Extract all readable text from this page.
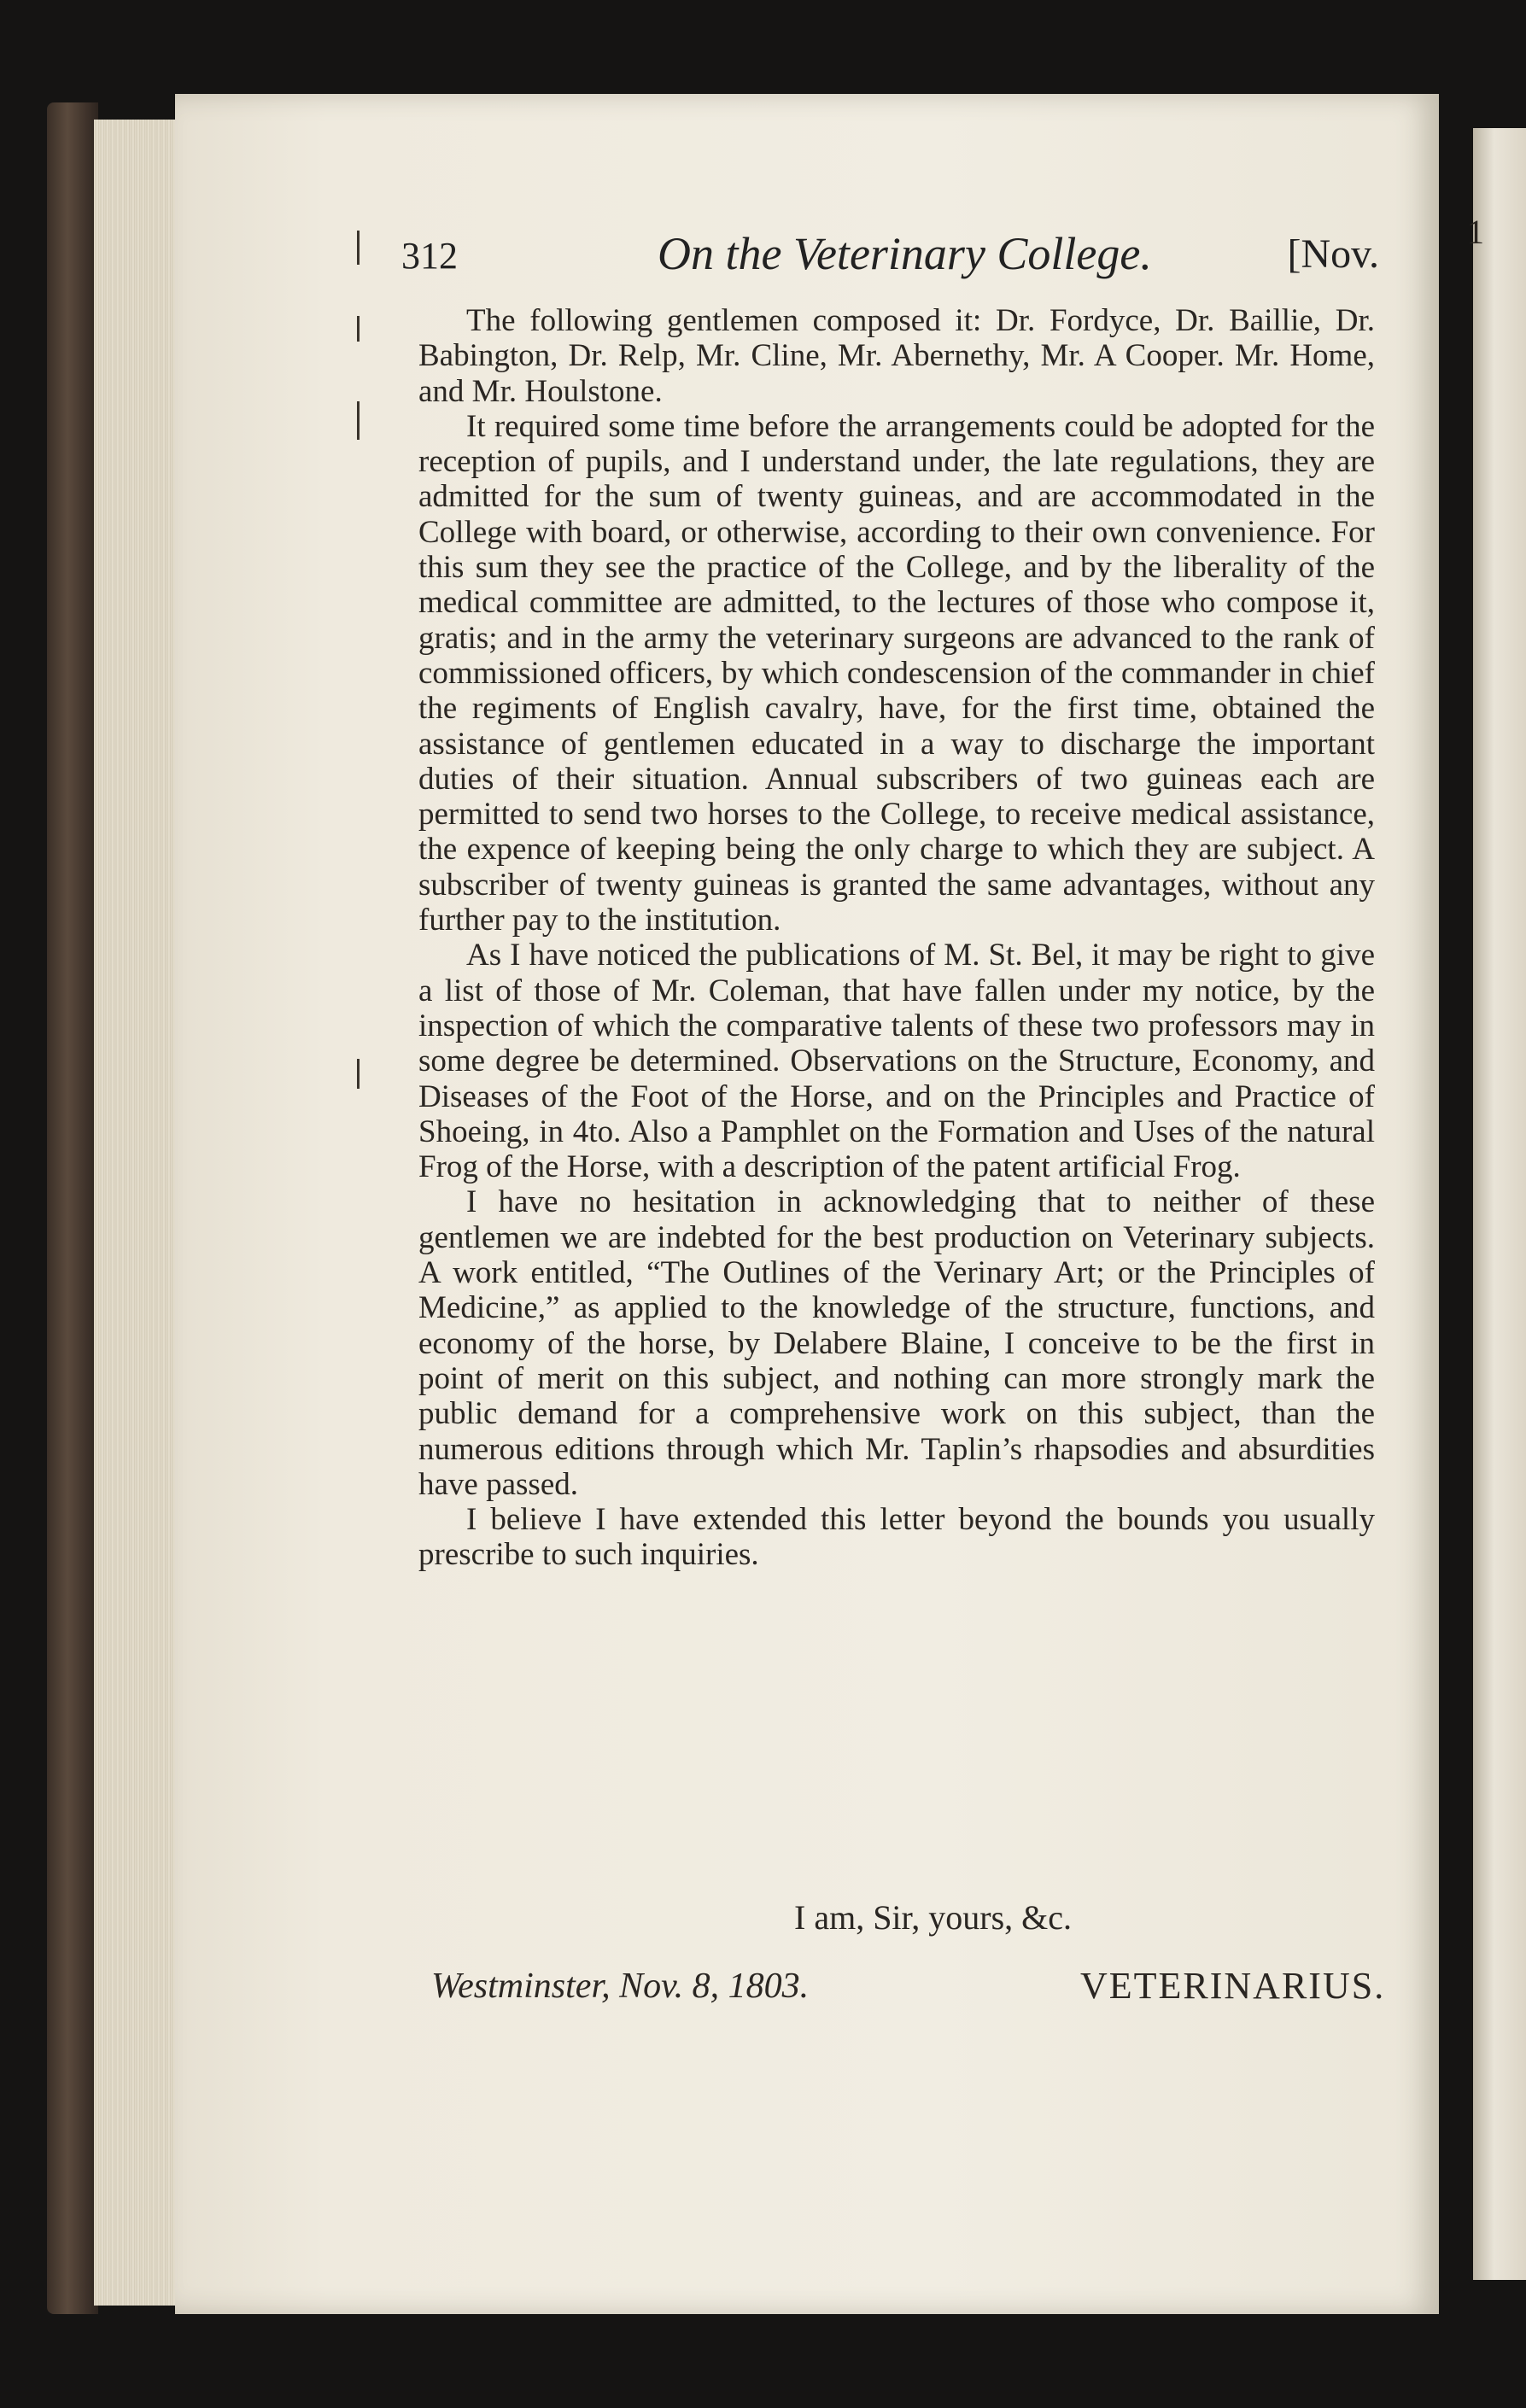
1
312	On the Veterinary College.	[Nov.

The following gentlemen composed it: Dr. Fordyce, Dr. Baillie, Dr. Babington, Dr. Relp, Mr. Cline, Mr. Abernethy, Mr. A Cooper. Mr. Home, and Mr. Houlstone.

It required some time before the arrangements could be adopted for the reception of pupils, and I understand under, the late regulations, they are admitted for the sum of twenty guineas, and are accommodated in the College with board, or otherwise, according to their own convenience. For this sum they see the practice of the College, and by the liberality of the medical committee are admitted, to the lectures of those who compose it, gratis; and in the army the veterinary surgeons are advanced to the rank of commissioned officers, by which condescension of the commander in chief the regiments of English cavalry, have, for the first time, obtained the assistance of gentlemen educated in a way to discharge the important duties of their situation. Annual subscribers of two guineas each are permitted to send two horses to the College, to receive medical assistance, the expence of keeping being the only charge to which they are subject. A subscriber of twenty guineas is granted the same advantages, without any further pay to the institution.

As I have noticed the publications of M. St. Bel, it may be right to give a list of those of Mr. Coleman, that have fallen under my notice, by the inspection of which the comparative talents of these two professors may in some degree be determined. Observations on the Structure, Economy, and Diseases of the Foot of the Horse, and on the Principles and Practice of Shoeing, in 4to. Also a Pamphlet on the Formation and Uses of the natural Frog of the Horse, with a description of the patent artificial Frog.

I have no hesitation in acknowledging that to neither of these gentlemen we are indebted for the best production on Veterinary subjects. A work entitled, “The Outlines of the Verinary Art; or the Principles of Medicine,” as applied to the knowledge of the structure, functions, and economy of the horse, by Delabere Blaine, I conceive to be the first in point of merit on this subject, and nothing can more strongly mark the public demand for a comprehensive work on this subject, than the numerous editions through which Mr. Taplin’s rhapsodies and absurdities have passed.

I believe I have extended this letter beyond the bounds you usually prescribe to such inquiries.

I am, Sir, yours, &c.
Westminster, Nov. 8, 1803.	VETERINARIUS.
